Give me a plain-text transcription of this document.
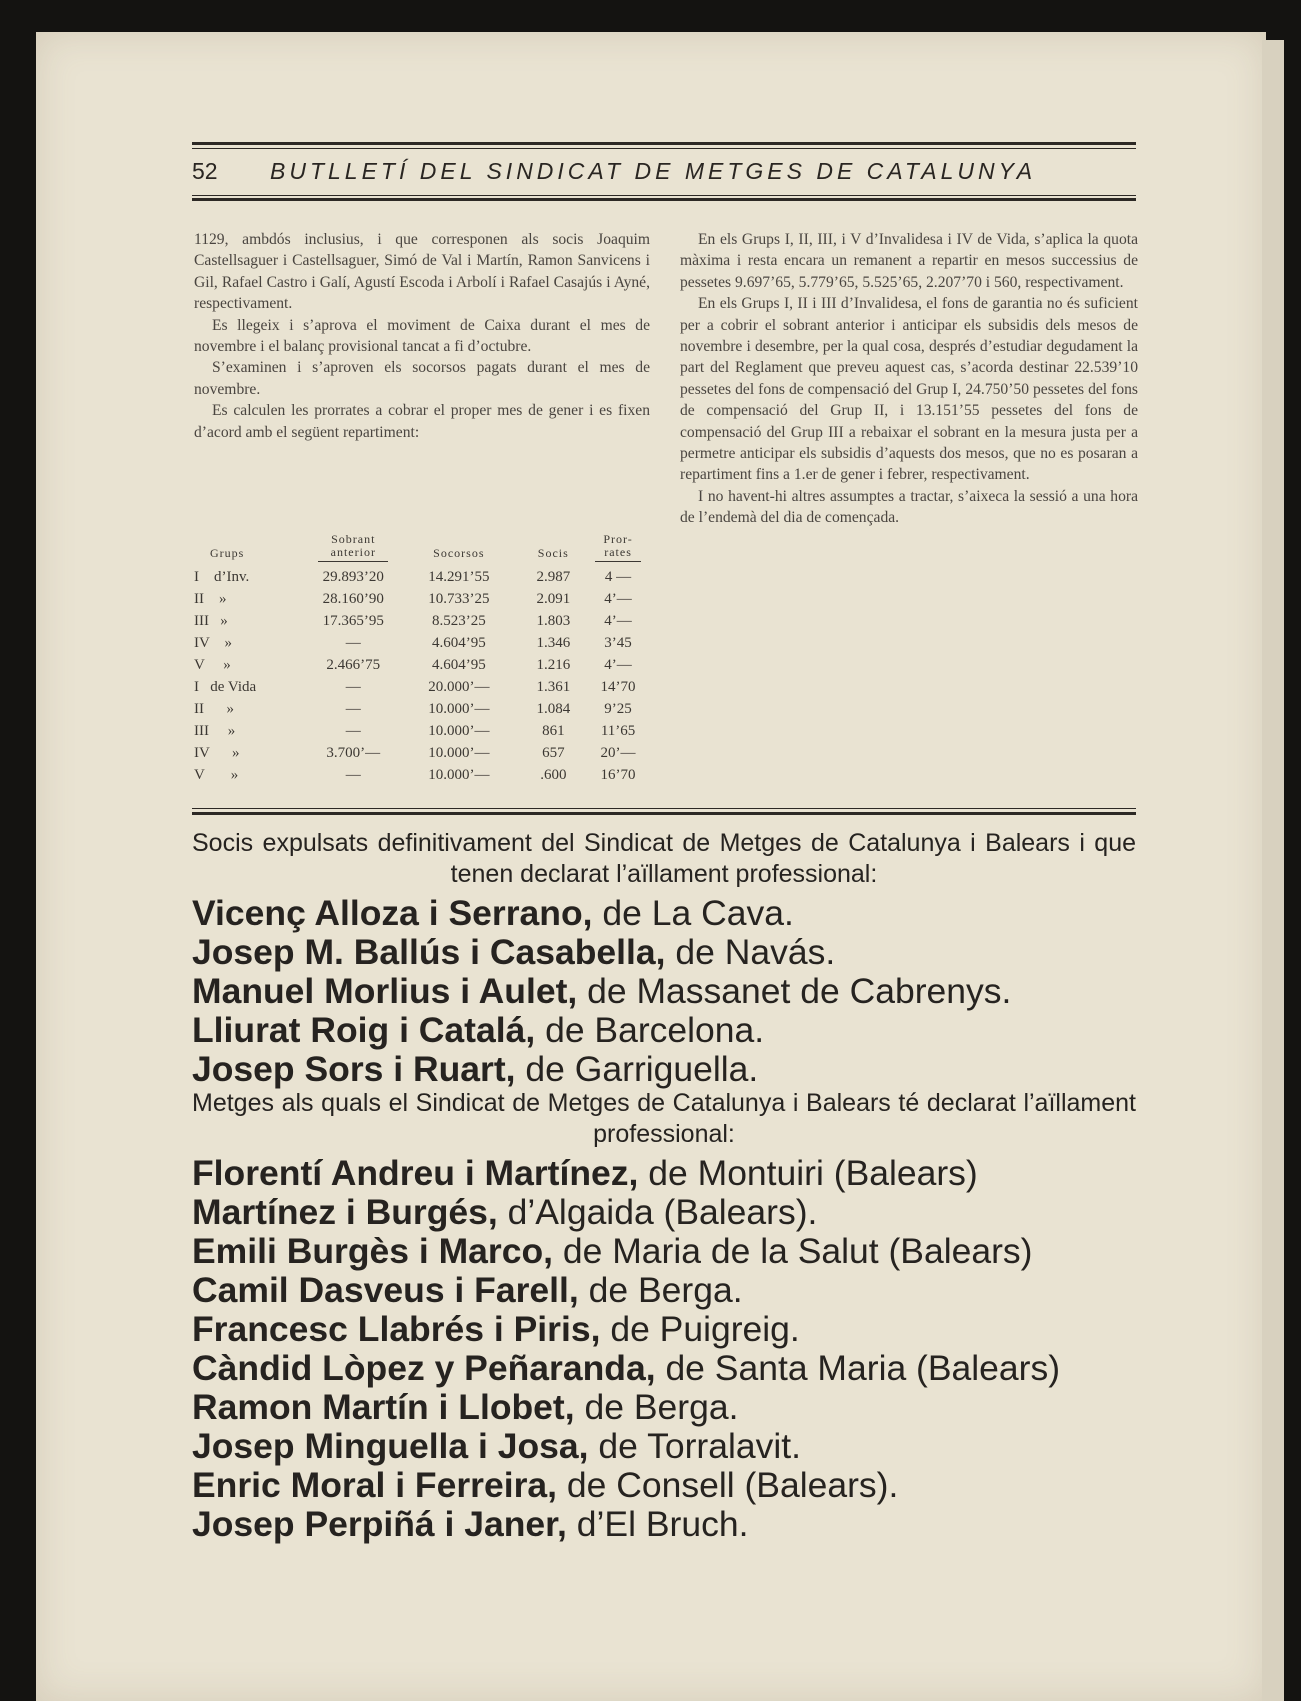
52 BUTLLETÍ DEL SINDICAT DE METGES DE CATALUNYA

1129, ambdós inclusius, i que corresponen als socis Joaquim Castellsaguer i Castellsaguer, Simó de Val i Martín, Ramon Sanvicens i Gil, Rafael Castro i Galí, Agustí Escoda i Arbolí i Rafael Casajús i Ayné, respectivament.

Es llegeix i s’aprova el moviment de Caixa durant el mes de novembre i el balanç provisional tancat a fi d’octubre.

S’examinen i s’aproven els socorsos pagats durant el mes de novembre.

Es calculen les prorrates a cobrar el proper mes de gener i es fixen d’acord amb el següent repartiment:

Grups	Sobrant anterior	Socorsos	Socis	Pror-rates
I    d’Inv.	29.893’20	14.291’55	2.987	4 —
II    »	28.160’90	10.733’25	2.091	4’—
III   »	17.365’95	8.523’25	1.803	4’—
IV    »	—	4.604’95	1.346	3’45
V     »	2.466’75	4.604’95	1.216	4’—
I   de Vida	—	20.000’—	1.361	14’70
II      »	—	10.000’—	1.084	9’25
III     »	—	10.000’—	861	11’65
IV      »	3.700’—	10.000’—	657	20’—
V       »	—	10.000’—	.600	16’70

En els Grups I, II, III, i V d’Invalidesa i IV de Vida, s’aplica la quota màxima i resta encara un remanent a repartir en mesos successius de pessetes 9.697’65, 5.779’65, 5.525’65, 2.207’70 i 560, respectivament.

En els Grups I, II i III d’Invalidesa, el fons de garantia no és suficient per a cobrir el sobrant anterior i anticipar els subsidis dels mesos de novembre i desembre, per la qual cosa, després d’estudiar degudament la part del Reglament que preveu aquest cas, s’acorda destinar 22.539’10 pessetes del fons de compensació del Grup I, 24.750’50 pessetes del fons de compensació del Grup II, i 13.151’55 pessetes del fons de compensació del Grup III a rebaixar el sobrant en la mesura justa per a permetre anticipar els subsidis d’aquests dos mesos, que no es posaran a repartiment fins a 1.er de gener i febrer, respectivament.

I no havent-hi altres assumptes a tractar, s’aixeca la sessió a una hora de l’endemà del dia de començada.

Socis expulsats definitivament del Sindicat de Metges de Catalunya i Balears i que tenen declarat l’aïllament professional:

Vicenç Alloza i Serrano, de La Cava.

Josep M. Ballús i Casabella, de Navás.

Manuel Morlius i Aulet, de Massanet de Cabrenys.

Lliurat Roig i Catalá, de Barcelona.

Josep Sors i Ruart, de Garriguella.

Metges als quals el Sindicat de Metges de Catalunya i Balears té declarat l’aïllament professional:

Florentí Andreu i Martínez, de Montuiri (Balears)

Martínez i Burgés, d’Algaida (Balears).

Emili Burgès i Marco, de Maria de la Salut (Balears)

Camil Dasveus i Farell, de Berga.

Francesc Llabrés i Piris, de Puigreig.

Càndid Lòpez y Peñaranda, de Santa Maria (Balears)

Ramon Martín i Llobet, de Berga.

Josep Minguella i Josa, de Torralavit.

Enric Moral i Ferreira, de Consell (Balears).

Josep Perpiñá i Janer, d’El Bruch.
